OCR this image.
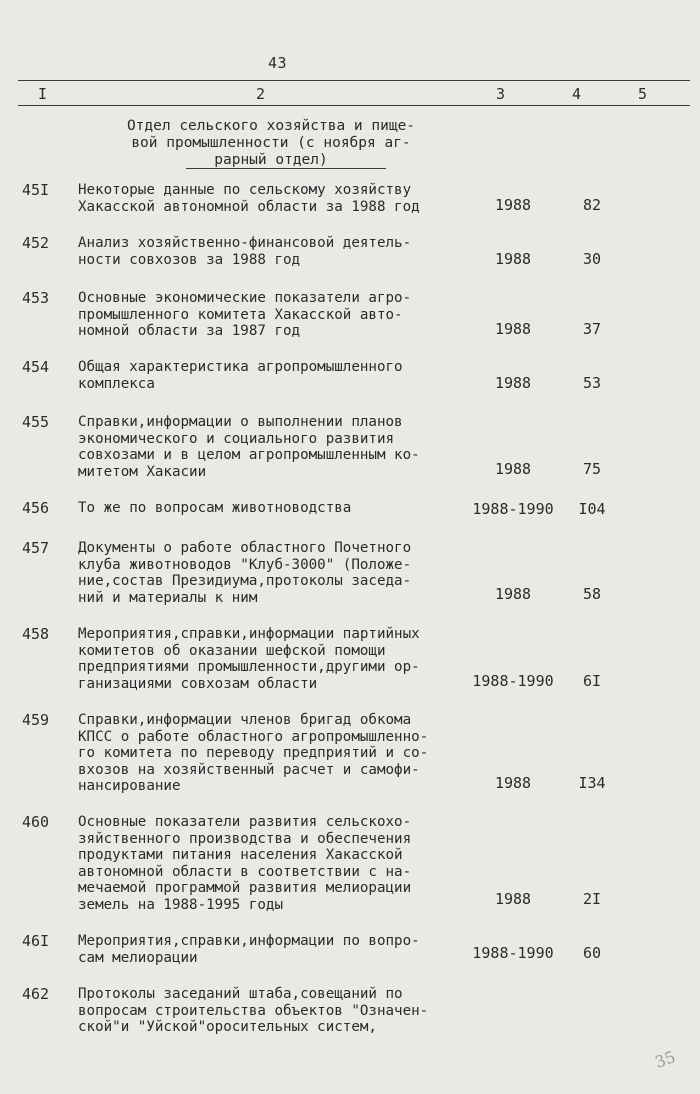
43
I	2	3	4	5
Отдел сельского хозяйства и пище-
вой промышленности (с ноября аг-
рарный отдел)
45I Некоторые данные по сельскому хозяйству
Хакасской автономной области за 1988 год	1988	82
452 Анализ хозяйственно-финансовой деятель-
ности совхозов за 1988 год	1988	30
453 Основные экономические показатели агро-
промышленного комитета Хакасской авто-
номной области за 1987 год	1988	37
454 Общая характеристика агропромышленного
комплекса	1988	53
455 Справки,информации о выполнении планов
экономического и социального развития
совхозами и в целом агропромышленным ко-
митетом Хакасии	1988	75
456 То же по вопросам животноводства	1988-1990	I04
457 Документы о работе областного Почетного
клуба животноводов "Клуб-3000" (Положе-
ние,состав Президиума,протоколы заседа-
ний и материалы к ним	1988	58
458 Мероприятия,справки,информации партийных
комитетов об оказании шефской помощи
предприятиями промышленности,другими ор-
ганизациями совхозам области	1988-1990	6I
459 Справки,информации членов бригад обкома
КПСС о работе областного агропромышленно-
го комитета по переводу предприятий и со-
вхозов на хозяйственный расчет и самофи-
нансирование	1988	I34
460 Основные показатели развития сельскохо-
зяйственного производства и обеспечения
продуктами питания населения Хакасской
автономной области в соответствии с на-
мечаемой программой развития мелиорации
земель на 1988-1995 годы	1988	2I
46I Мероприятия,справки,информации по вопро-
сам мелиорации	1988-1990	60
462 Протоколы заседаний штаба,совещаний по
вопросам строительства объектов "Означен-
ской"и "Уйской"оросительных систем,
35
